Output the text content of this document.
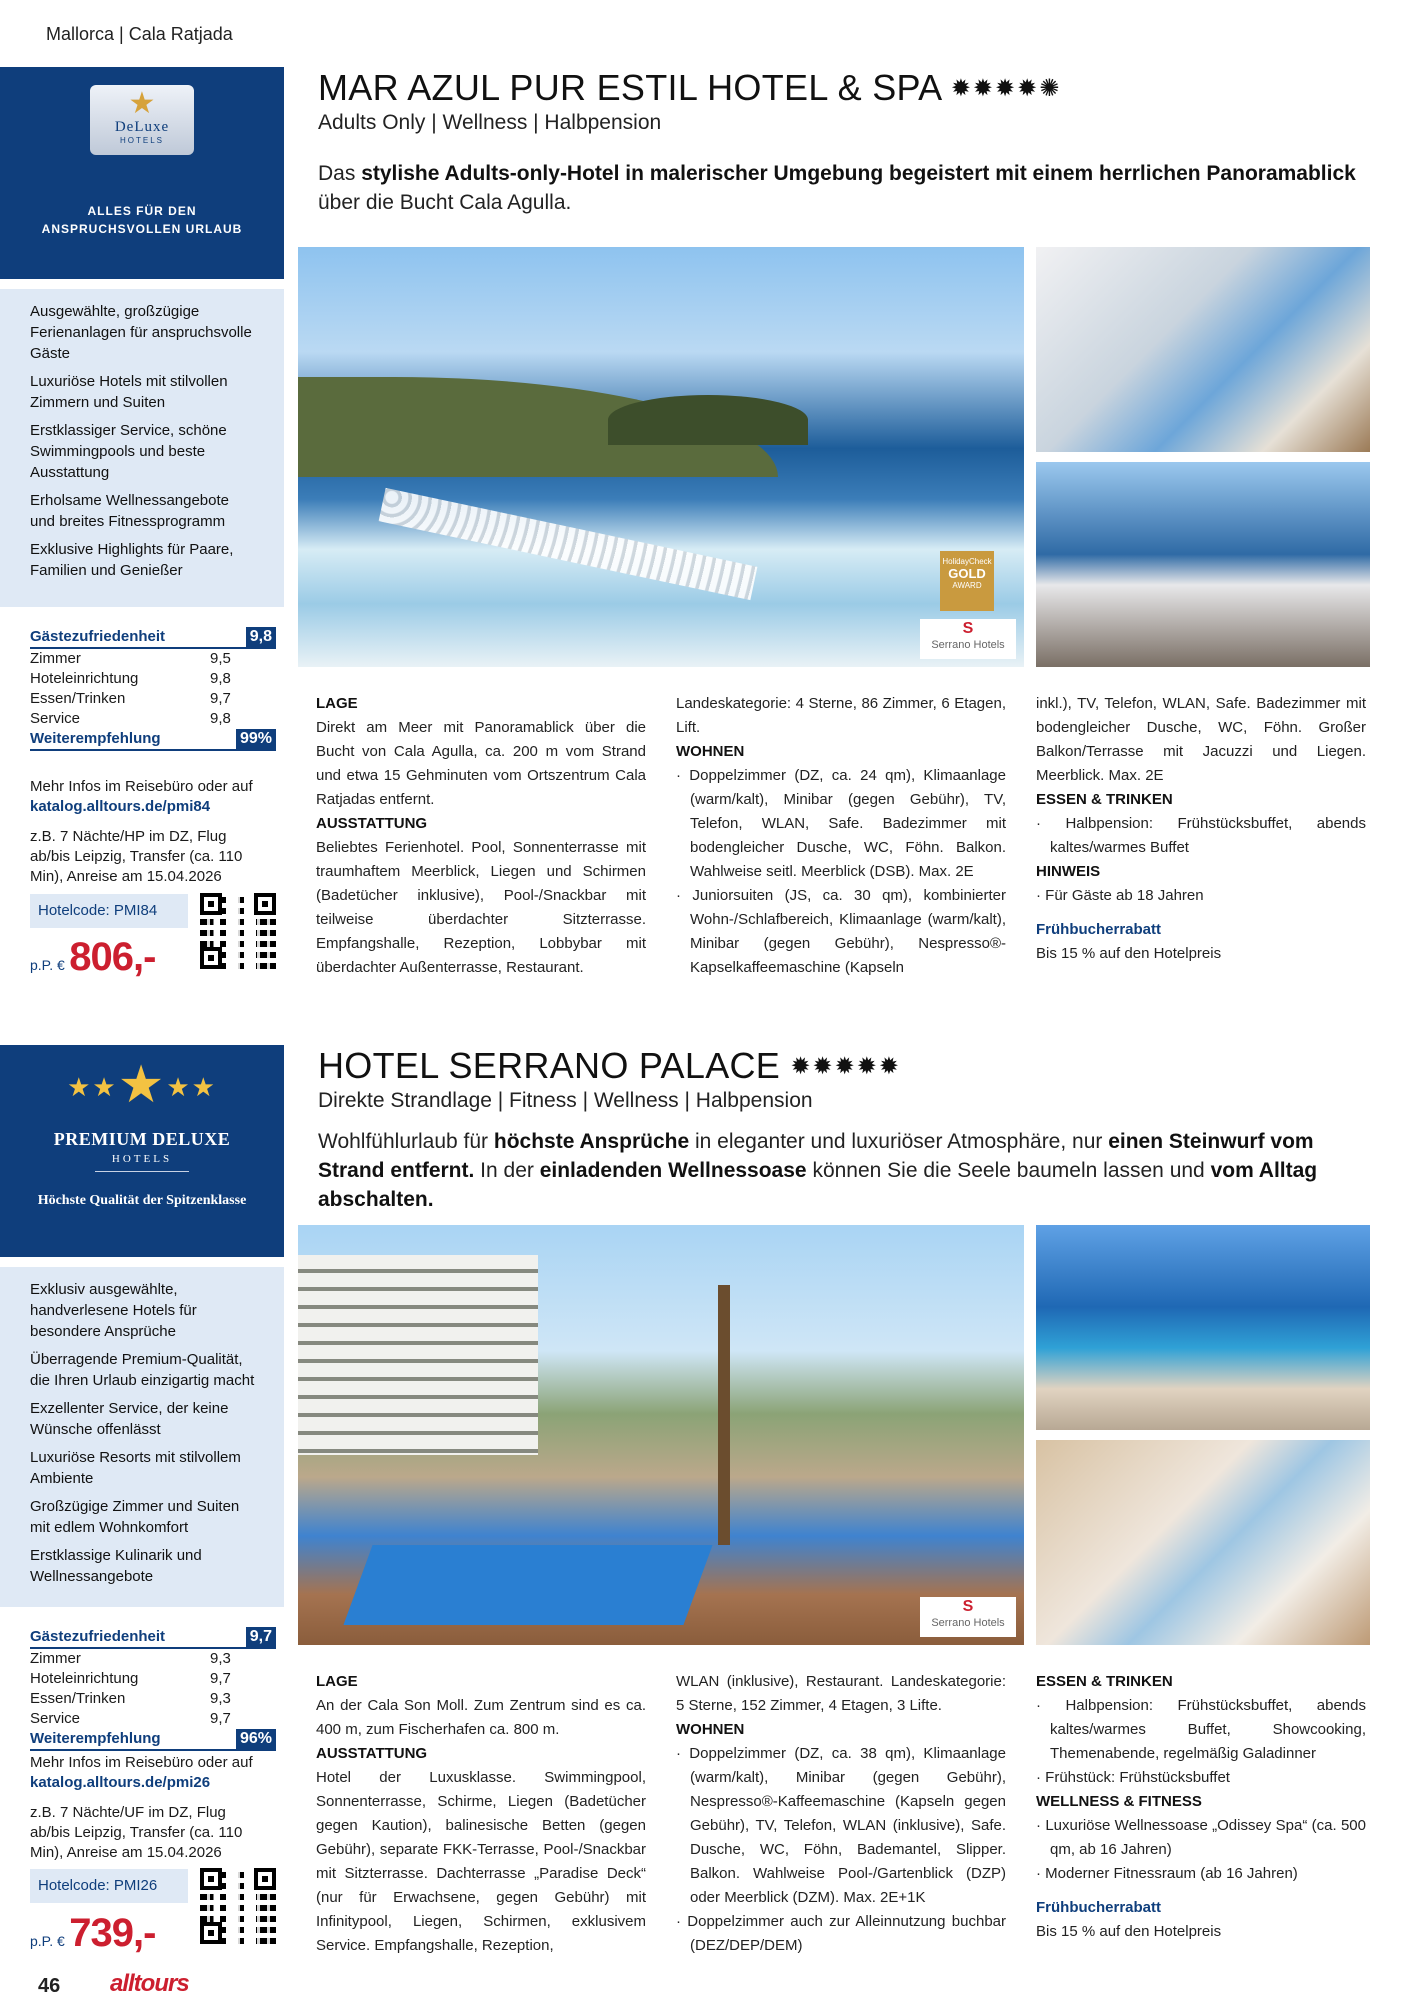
Mallorca | Cala Ratjada
★
DeLuxe
HOTELS
ALLES FÜR DEN ANSPRUCHSVOLLEN URLAUB
Ausgewählte, großzügige Ferienanlagen für anspruchsvolle Gäste
Luxuriöse Hotels mit stilvollen Zimmern und Suiten
Erstklassiger Service, schöne Swimmingpools und beste Ausstattung
Erholsame Wellnessangebote und breites Fitnessprogramm
Exklusive Highlights für Paare, Familien und Genießer
Gästezufriedenheit	9,8
Zimmer	9,5
Hoteleinrichtung	9,8
Essen/Trinken	9,7
Service	9,8
Weiterempfehlung	99%
Mehr Infos im Reisebüro oder auf
katalog.alltours.de/pmi84
z.B. 7 Nächte/HP im DZ, Flug ab/bis Leipzig, Transfer (ca. 110 Min), Anreise am 15.04.2026
Hotelcode: PMI84
p.P. € 806,-
MAR AZUL PUR ESTIL HOTEL & SPA ✹✹✹✹✺
Adults Only | Wellness | Halbpension
Das stylishe Adults-only-Hotel in malerischer Umgebung begeistert mit einem herrlichen Panoramablick über die Bucht Cala Agulla.
HolidayCheck
GOLD
AWARD
S
Serrano Hotels
LAGE
Direkt am Meer mit Panoramablick über die Bucht von Cala Agulla, ca. 200 m vom Strand und etwa 15 Gehminuten vom Ortszentrum Cala Ratjadas entfernt.
AUSSTATTUNG
Beliebtes Ferienhotel. Pool, Sonnenterrasse mit traumhaftem Meerblick, Liegen und Schirmen (Badetücher inklusive), Pool-/Snackbar mit teilweise überdachter Sitzterrasse. Empfangshalle, Rezeption, Lobbybar mit überdachter Außenterrasse, Restaurant.
Landeskategorie: 4 Sterne, 86 Zimmer, 6 Etagen, Lift.
WOHNEN
· Doppelzimmer (DZ, ca. 24 qm), Klimaanlage (warm/kalt), Minibar (gegen Gebühr), TV, Telefon, WLAN, Safe. Badezimmer mit bodengleicher Dusche, WC, Föhn. Balkon. Wahlweise seitl. Meerblick (DSB). Max. 2E
· Juniorsuiten (JS, ca. 30 qm), kombinierter Wohn-/Schlafbereich, Klimaanlage (warm/kalt), Minibar (gegen Gebühr), Nespresso®-Kapselkaffeemaschine (Kapseln
inkl.), TV, Telefon, WLAN, Safe. Badezimmer mit bodengleicher Dusche, WC, Föhn. Großer Balkon/Terrasse mit Jacuzzi und Liegen. Meerblick. Max. 2E
ESSEN & TRINKEN
· Halbpension: Frühstücksbuffet, abends kaltes/warmes Buffet
HINWEIS
· Für Gäste ab 18 Jahren
Frühbucherrabatt
Bis 15 % auf den Hotelpreis
★★★★★
PREMIUM DELUXE
HOTELS
Höchste Qualität der Spitzenklasse
Exklusiv ausgewählte, handverlesene Hotels für besondere Ansprüche
Überragende Premium-Qualität, die Ihren Urlaub einzigartig macht
Exzellenter Service, der keine Wünsche offenlässt
Luxuriöse Resorts mit stilvollem Ambiente
Großzügige Zimmer und Suiten mit edlem Wohnkomfort
Erstklassige Kulinarik und Wellnessangebote
Gästezufriedenheit	9,7
Zimmer	9,3
Hoteleinrichtung	9,7
Essen/Trinken	9,3
Service	9,7
Weiterempfehlung	96%
Mehr Infos im Reisebüro oder auf
katalog.alltours.de/pmi26
z.B. 7 Nächte/UF im DZ, Flug ab/bis Leipzig, Transfer (ca. 110 Min), Anreise am 15.04.2026
Hotelcode: PMI26
p.P. € 739,-
HOTEL SERRANO PALACE ✹✹✹✹✹
Direkte Strandlage | Fitness | Wellness | Halbpension
Wohlfühlurlaub für höchste Ansprüche in eleganter und luxuriöser Atmosphäre, nur einen Steinwurf vom Strand entfernt. In der einladenden Wellnessoase können Sie die Seele baumeln lassen und vom Alltag abschalten.
S
Serrano Hotels
LAGE
An der Cala Son Moll. Zum Zentrum sind es ca. 400 m, zum Fischerhafen ca. 800 m.
AUSSTATTUNG
Hotel der Luxusklasse. Swimmingpool, Sonnenterrasse, Schirme, Liegen (Badetücher gegen Kaution), balinesische Betten (gegen Gebühr), separate FKK-Terrasse, Pool-/Snackbar mit Sitzterrasse. Dachterrasse „Paradise Deck“ (nur für Erwachsene, gegen Gebühr) mit Infinitypool, Liegen, Schirmen, exklusivem Service. Empfangshalle, Rezeption,
WLAN (inklusive), Restaurant. Landeskategorie: 5 Sterne, 152 Zimmer, 4 Etagen, 3 Lifte.
WOHNEN
· Doppelzimmer (DZ, ca. 38 qm), Klimaanlage (warm/kalt), Minibar (gegen Gebühr), Nespresso®-Kaffeemaschine (Kapseln gegen Gebühr), TV, Telefon, WLAN (inklusive), Safe. Dusche, WC, Föhn, Bademantel, Slipper. Balkon. Wahlweise Pool-/Gartenblick (DZP) oder Meerblick (DZM). Max. 2E+1K
· Doppelzimmer auch zur Alleinnutzung buchbar (DEZ/DEP/DEM)
ESSEN & TRINKEN
· Halbpension: Frühstücksbuffet, abends kaltes/warmes Buffet, Showcooking, Themenabende, regelmäßig Galadinner
· Frühstück: Frühstücksbuffet
WELLNESS & FITNESS
· Luxuriöse Wellnessoase „Odissey Spa“ (ca. 500 qm, ab 16 Jahren)
· Moderner Fitnessraum (ab 16 Jahren)
Frühbucherrabatt
Bis 15 % auf den Hotelpreis
46 alltours
